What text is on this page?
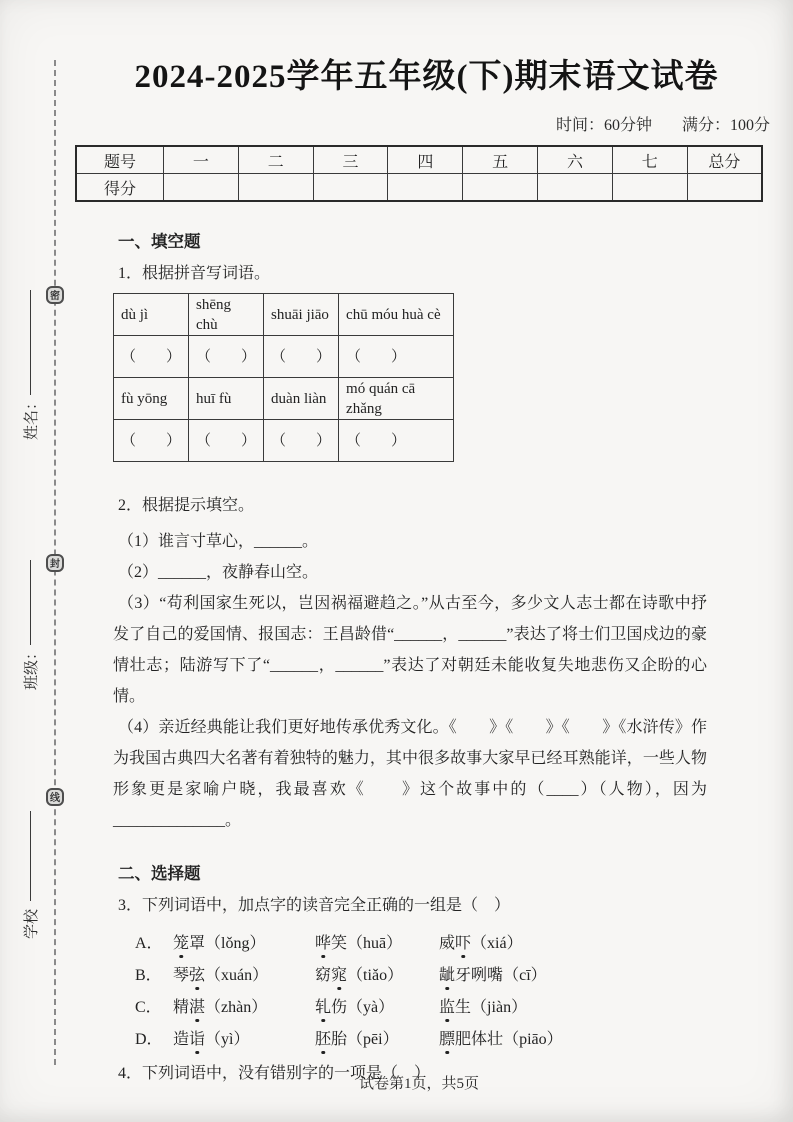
密
封
线
姓名：
班级：
学校
2024-2025学年五年级(下)期末语文试卷
时间：60分钟 满分：100分
题号	一	二	三	四	五	六	七	总分
得分								
一、填空题
1．根据拼音写词语。
dù jì	shēng chù	shuāi jiāo	chū móu huà cè
（　　）	（　　）	（　　）	（　　）
fù yōng	huī fù	duàn liàn	mó quán cā zhǎng
（　　）	（　　）	（　　）	（　　）
2．根据提示填空。
（1）谁言寸草心，______。
（2）______，夜静春山空。
（3）“苟利国家生死以，岂因祸福避趋之。”从古至今，多少文人志士都在诗歌中抒发了自己的爱国情、报国志：王昌龄借“______，______”表达了将士们卫国戍边的豪情壮志；陆游写下了“______，______”表达了对朝廷未能收复失地悲伤又企盼的心情。
（4）亲近经典能让我们更好地传承优秀文化。《　　》《　　》《　　》《水浒传》作为我国古典四大名著有着独特的魅力，其中很多故事大家早已经耳熟能详，一些人物形象更是家喻户晓，我最喜欢《　　》这个故事中的（____）（人物），因为______________。
二、选择题
3．下列词语中，加点字的读音完全正确的一组是（　）
A． 笼罩（lǒng）	哗笑（huā）	威吓（xiá）
B． 琴弦（xuán）	窈窕（tiǎo）	龇牙咧嘴（cī）
C． 精湛（zhàn）	轧伤（yà）	监生（jiàn）
D． 造诣（yì）	胚胎（pēi）	膘肥体壮（piāo）
4．下列词语中，没有错别字的一项是（　）
试卷第1页，共5页
